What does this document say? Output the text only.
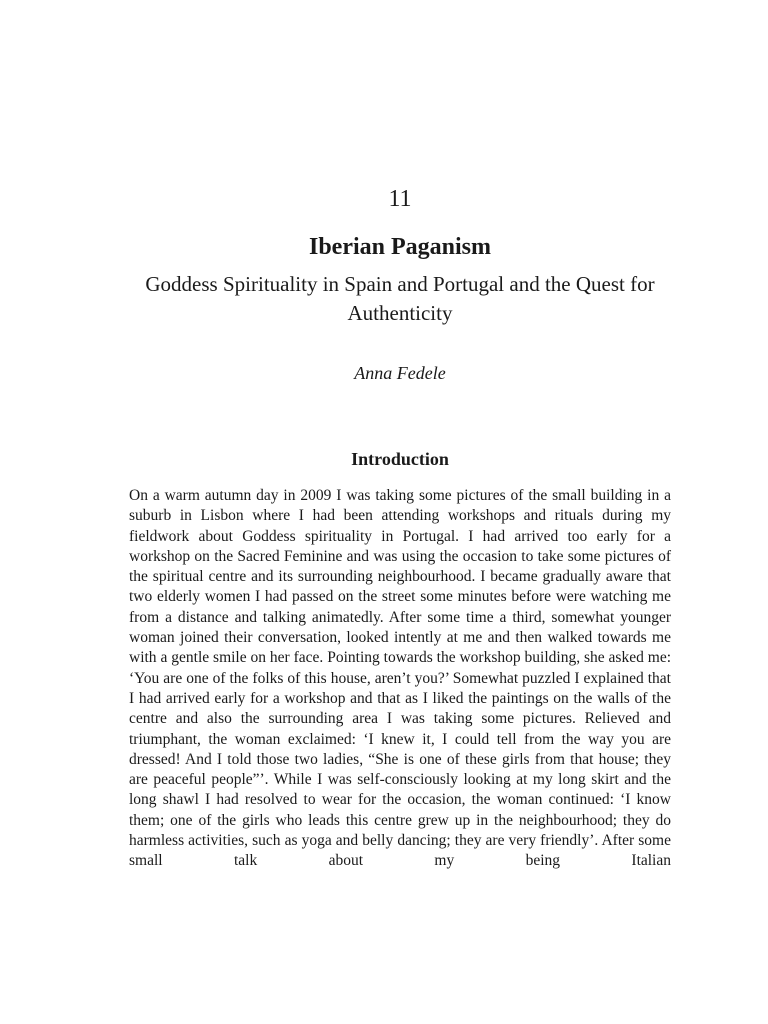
11
Iberian Paganism
Goddess Spirituality in Spain and Portugal and the Quest for Authenticity
Anna Fedele
Introduction

On a warm autumn day in 2009 I was taking some pictures of the small building in a suburb in Lisbon where I had been attending workshops and rituals during my fieldwork about Goddess spirituality in Portugal. I had arrived too early for a workshop on the Sacred Feminine and was using the occasion to take some pictures of the spiritual centre and its surrounding neighbourhood. I became gradually aware that two elderly women I had passed on the street some minutes before were watching me from a distance and talking animatedly. After some time a third, somewhat younger woman joined their conversation, looked intently at me and then walked towards me with a gentle smile on her face. Pointing towards the workshop building, she asked me: ‘You are one of the folks of this house, aren’t you?’ Somewhat puzzled I explained that I had arrived early for a workshop and that as I liked the paintings on the walls of the centre and also the surrounding area I was taking some pictures. Relieved and triumphant, the woman exclaimed: ‘I knew it, I could tell from the way you are dressed! And I told those two ladies, “She is one of these girls from that house; they are peaceful people”’. While I was self-consciously looking at my long skirt and the long shawl I had resolved to wear for the occasion, the woman continued: ‘I know them; one of the girls who leads this centre grew up in the neighbourhood; they do harmless activities, such as yoga and belly dancing; they are very friendly’. After some small talk about my being Italian
